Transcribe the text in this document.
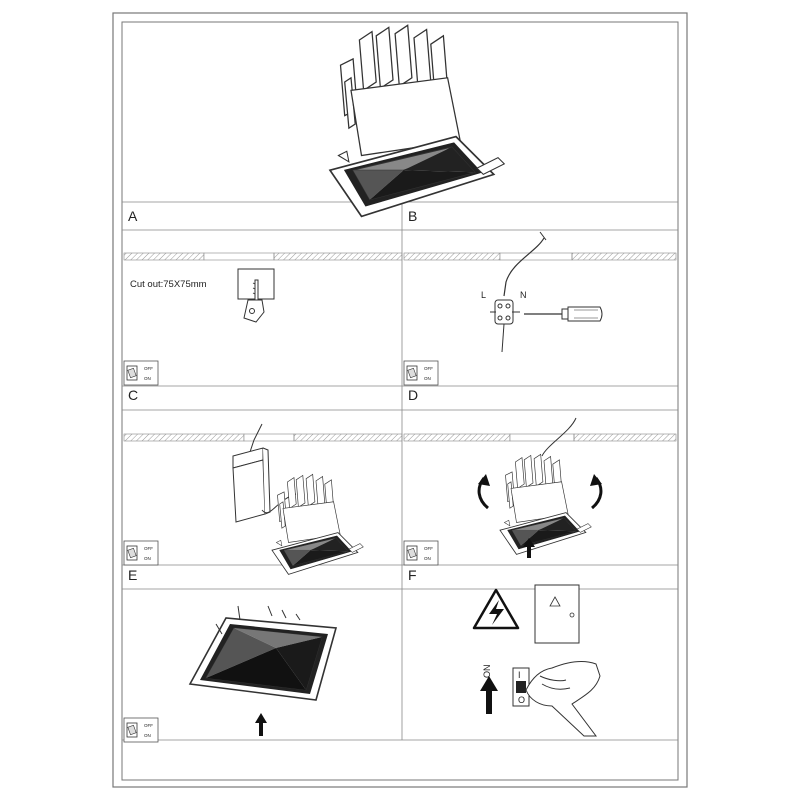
A
Cut out:75X75mm
OFF
ON
B
L	N
OFF
ON
C
OFF
ON
D
OFF
ON
E
OFF
ON
F
ON	I
O
